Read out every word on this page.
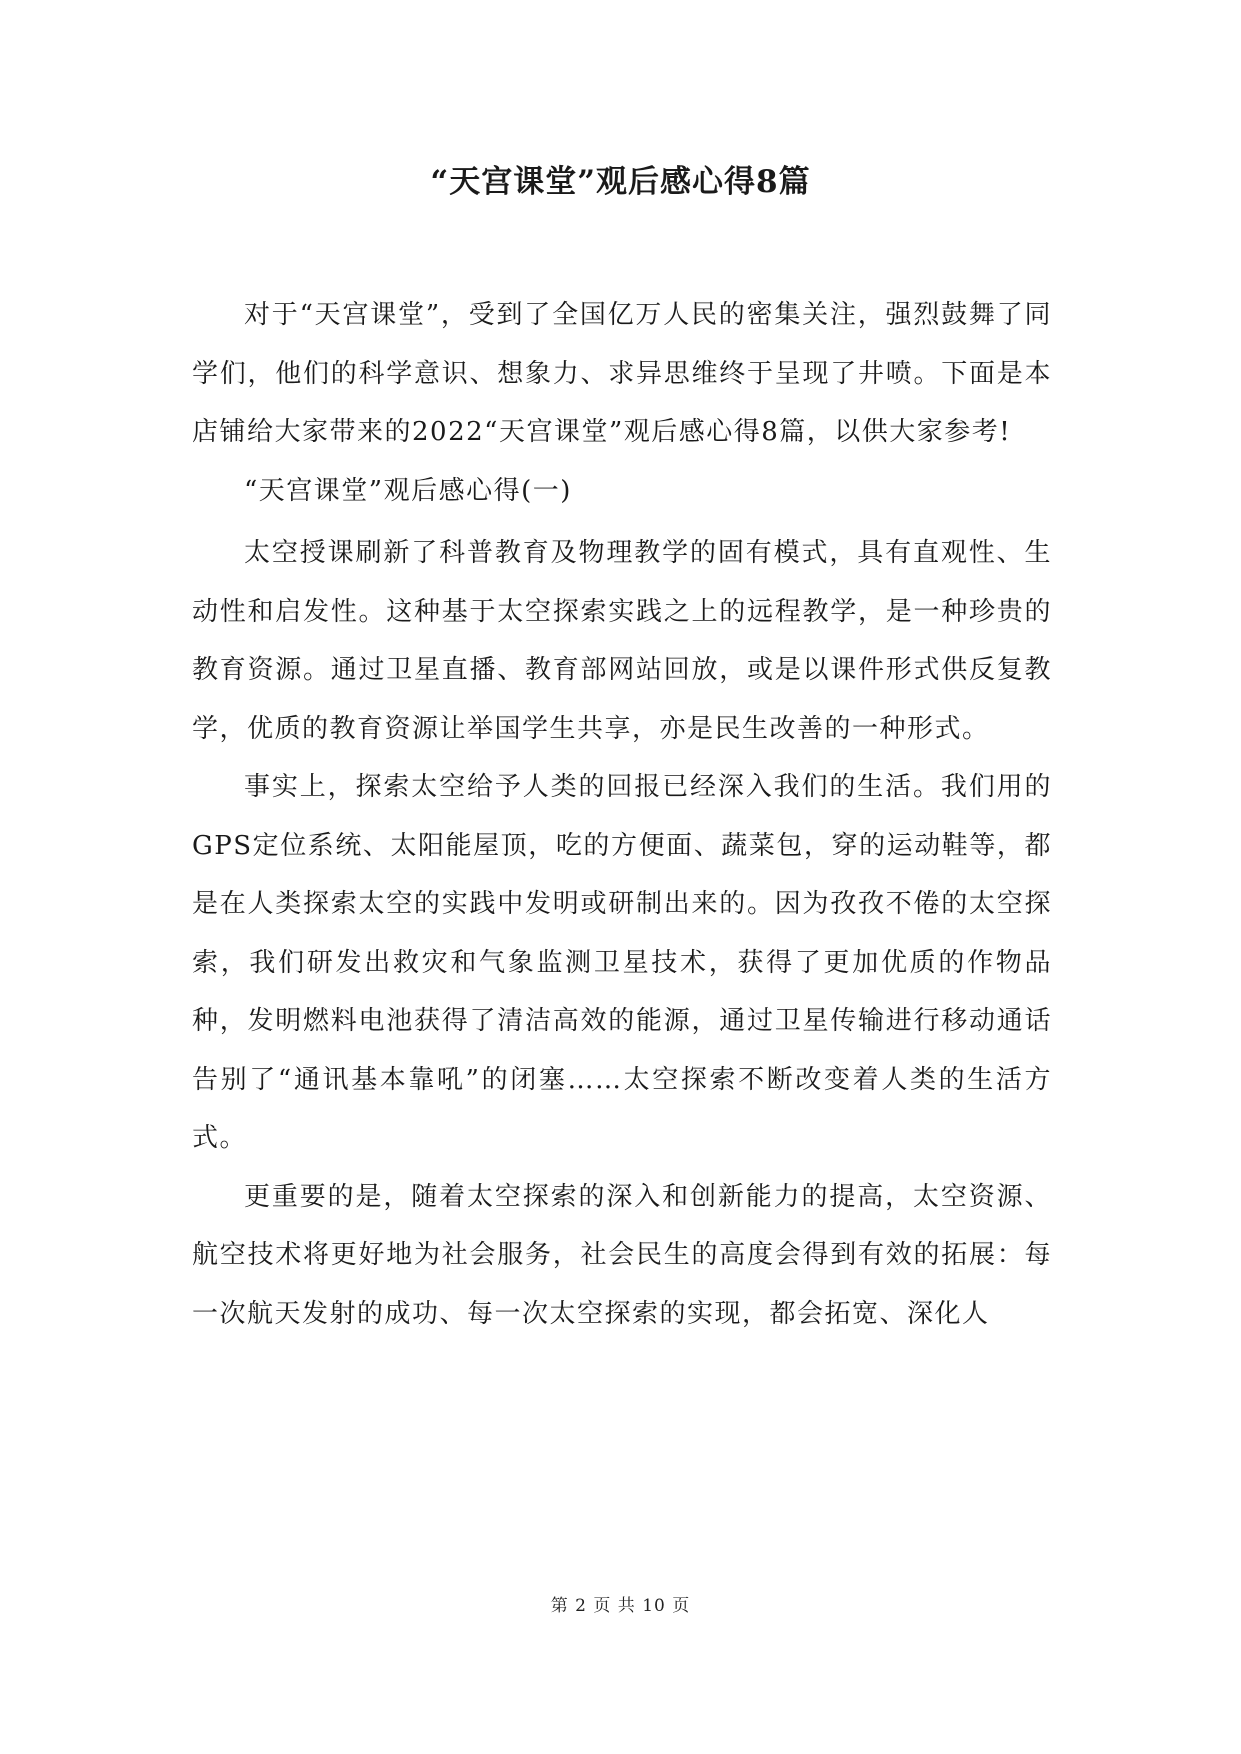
“天宫课堂”观后感心得8篇

对于“天宫课堂”，受到了全国亿万人民的密集关注，强烈鼓舞了同学们，他们的科学意识、想象力、求异思维终于呈现了井喷。下面是本店铺给大家带来的2022“天宫课堂”观后感心得8篇，以供大家参考!

“天宫课堂”观后感心得(一)

太空授课刷新了科普教育及物理教学的固有模式，具有直观性、生动性和启发性。这种基于太空探索实践之上的远程教学，是一种珍贵的教育资源。通过卫星直播、教育部网站回放，或是以课件形式供反复教学，优质的教育资源让举国学生共享，亦是民生改善的一种形式。

事实上，探索太空给予人类的回报已经深入我们的生活。我们用的GPS定位系统、太阳能屋顶，吃的方便面、蔬菜包，穿的运动鞋等，都是在人类探索太空的实践中发明或研制出来的。因为孜孜不倦的太空探索，我们研发出救灾和气象监测卫星技术，获得了更加优质的作物品种，发明燃料电池获得了清洁高效的能源，通过卫星传输进行移动通话告别了“通讯基本靠吼”的闭塞……太空探索不断改变着人类的生活方式。

更重要的是，随着太空探索的深入和创新能力的提高，太空资源、航空技术将更好地为社会服务，社会民生的高度会得到有效的拓展：每一次航天发射的成功、每一次太空探索的实现，都会拓宽、深化人

第 2 页 共 10 页
